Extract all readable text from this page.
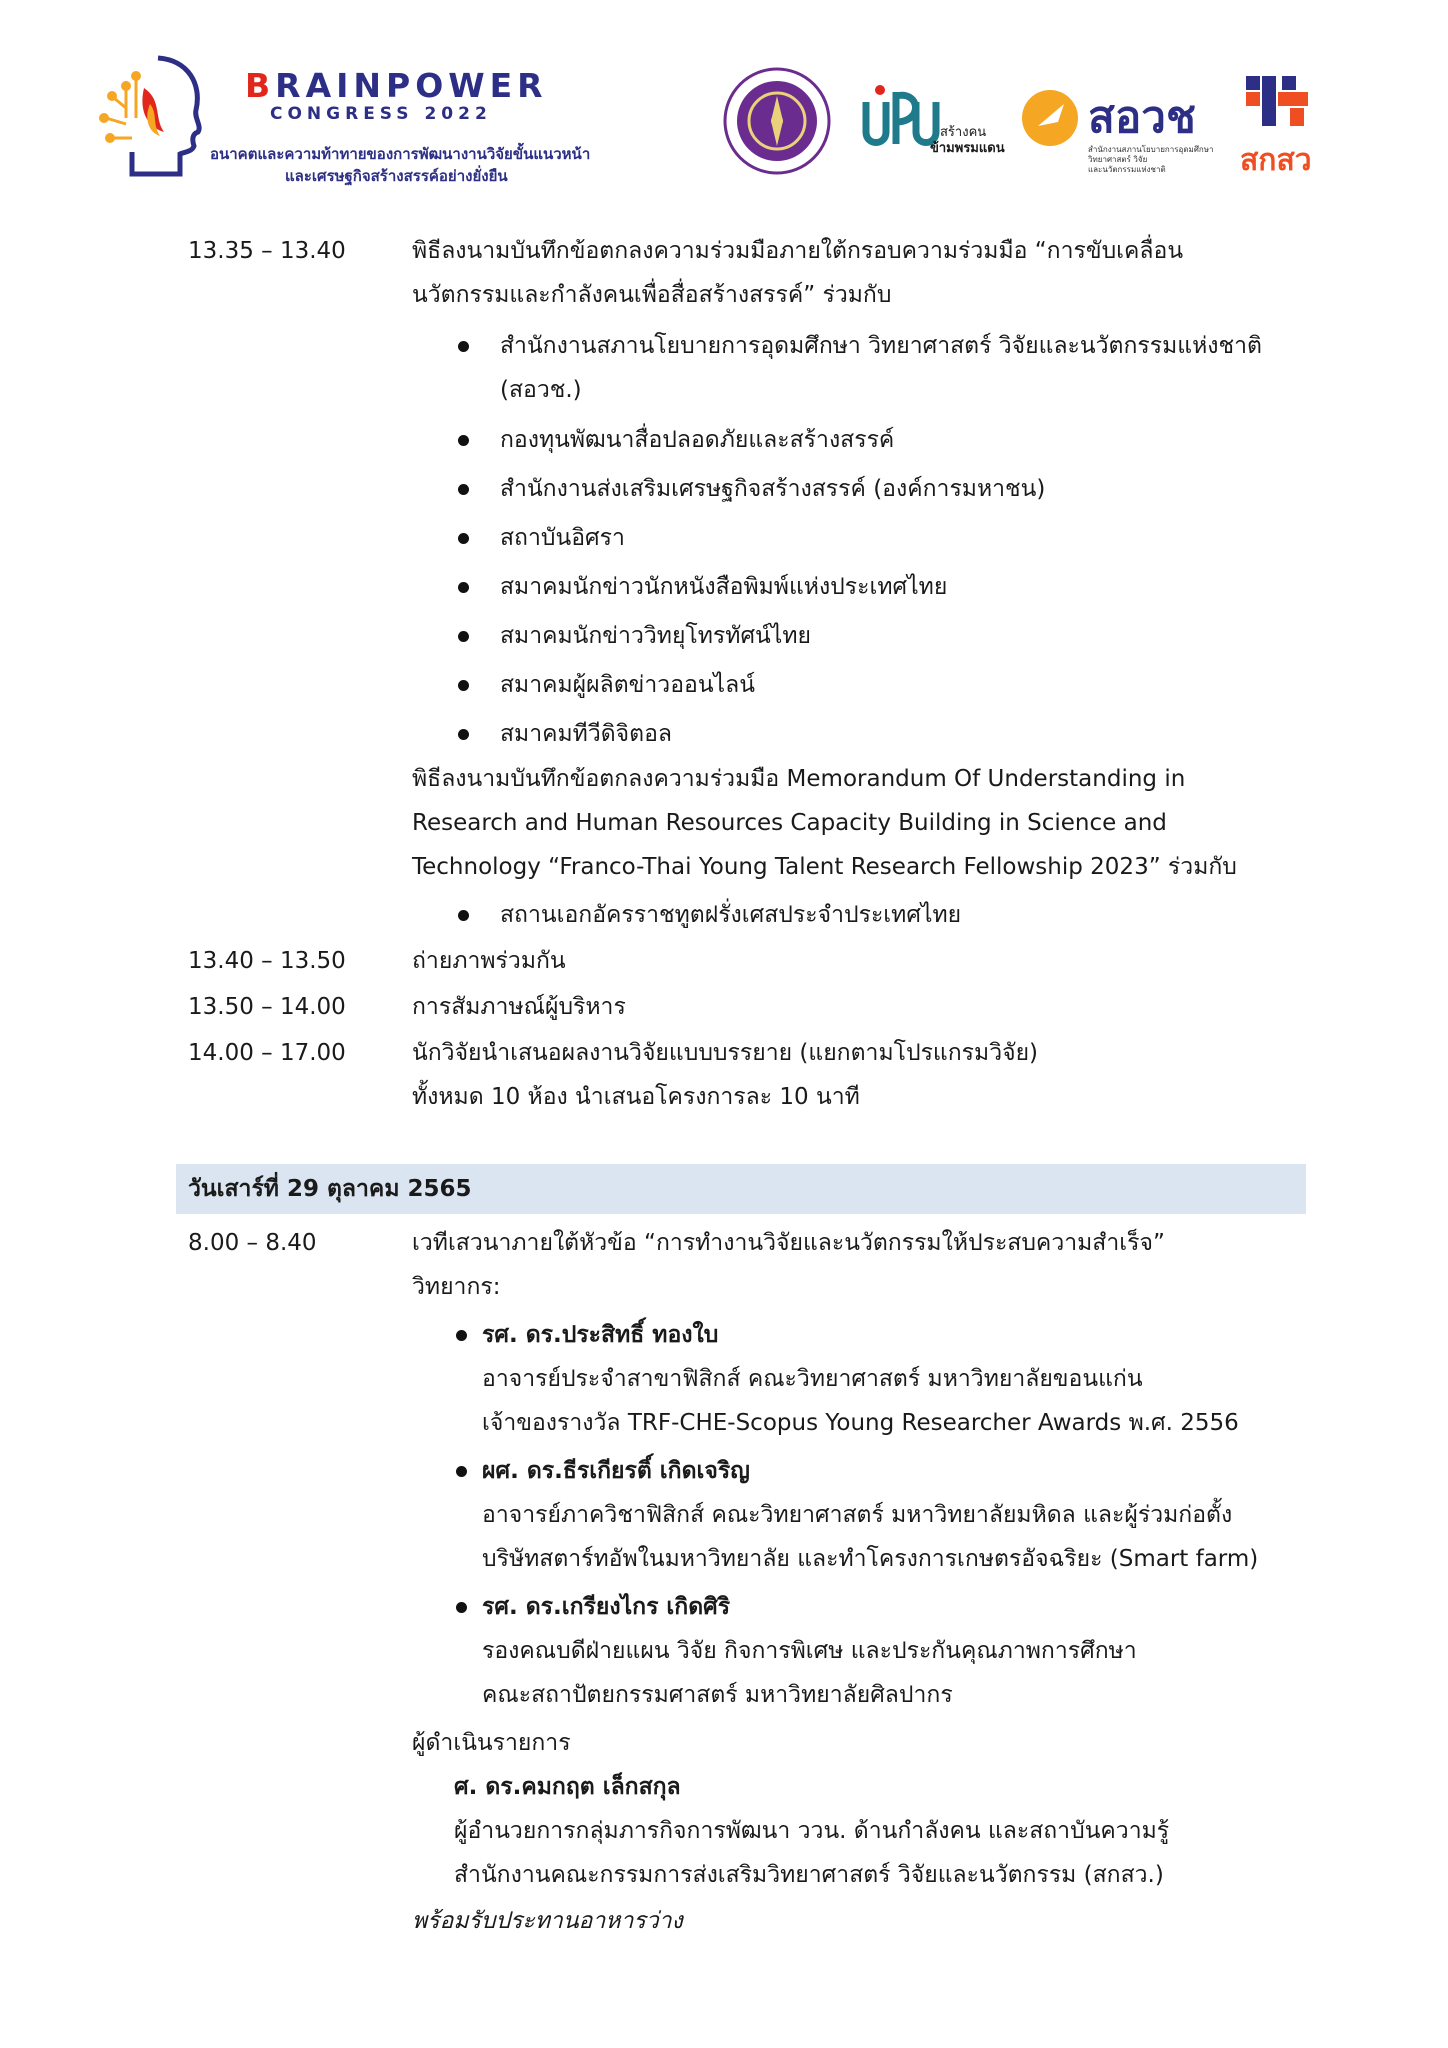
BRAINPOWER
CONGRESS 2022
อนาคตและความท้าทายของการพัฒนางานวิจัยขั้นแนวหน้า
และเศรษฐกิจสร้างสรรค์อย่างยั่งยืน
สร้างคน
ข้ามพรมแดน
สอวช
สำนักงานสภานโยบายการอุดมศึกษา
วิทยาศาสตร์ วิจัย
และนวัตกรรมแห่งชาติ สกสว
13.35 – 13.40	พิธีลงนามบันทึกข้อตกลงความร่วมมือภายใต้กรอบความร่วมมือ “การขับเคลื่อน
นวัตกรรมและกำลังคนเพื่อสื่อสร้างสรรค์” ร่วมกับ
สำนักงานสภานโยบายการอุดมศึกษา วิทยาศาสตร์ วิจัยและนวัตกรรมแห่งชาติ
(สอวช.)
กองทุนพัฒนาสื่อปลอดภัยและสร้างสรรค์
สำนักงานส่งเสริมเศรษฐกิจสร้างสรรค์ (องค์การมหาชน)
สถาบันอิศรา
สมาคมนักข่าวนักหนังสือพิมพ์แห่งประเทศไทย
สมาคมนักข่าววิทยุโทรทัศน์ไทย
สมาคมผู้ผลิตข่าวออนไลน์
สมาคมทีวีดิจิตอล
พิธีลงนามบันทึกข้อตกลงความร่วมมือ Memorandum Of Understanding in
Research and Human Resources Capacity Building in Science and
Technology “Franco-Thai Young Talent Research Fellowship 2023” ร่วมกับ
สถานเอกอัครราชทูตฝรั่งเศสประจำประเทศไทย
13.40 – 13.50	ถ่ายภาพร่วมกัน
13.50 – 14.00	การสัมภาษณ์ผู้บริหาร
14.00 – 17.00	นักวิจัยนำเสนอผลงานวิจัยแบบบรรยาย (แยกตามโปรแกรมวิจัย)
ทั้งหมด 10 ห้อง นำเสนอโครงการละ 10 นาที
วันเสาร์ที่ 29 ตุลาคม 2565
8.00 – 8.40	เวทีเสวนาภายใต้หัวข้อ “การทำงานวิจัยและนวัตกรรมให้ประสบความสำเร็จ”
วิทยากร:
รศ. ดร.ประสิทธิ์ ทองใบ
อาจารย์ประจำสาขาฟิสิกส์ คณะวิทยาศาสตร์ มหาวิทยาลัยขอนแก่น
เจ้าของรางวัล TRF-CHE-Scopus Young Researcher Awards พ.ศ. 2556
ผศ. ดร.ธีรเกียรติ์ เกิดเจริญ
อาจารย์ภาควิชาฟิสิกส์ คณะวิทยาศาสตร์ มหาวิทยาลัยมหิดล และผู้ร่วมก่อตั้ง
บริษัทสตาร์ทอัพในมหาวิทยาลัย และทำโครงการเกษตรอัจฉริยะ (Smart farm)
รศ. ดร.เกรียงไกร เกิดศิริ
รองคณบดีฝ่ายแผน วิจัย กิจการพิเศษ และประกันคุณภาพการศึกษา
คณะสถาปัตยกรรมศาสตร์ มหาวิทยาลัยศิลปากร
ผู้ดำเนินรายการ
ศ. ดร.คมกฤต เล็กสกุล
ผู้อำนวยการกลุ่มภารกิจการพัฒนา ววน. ด้านกำลังคน และสถาบันความรู้
สำนักงานคณะกรรมการส่งเสริมวิทยาศาสตร์ วิจัยและนวัตกรรม (สกสว.)
พร้อมรับประทานอาหารว่าง
